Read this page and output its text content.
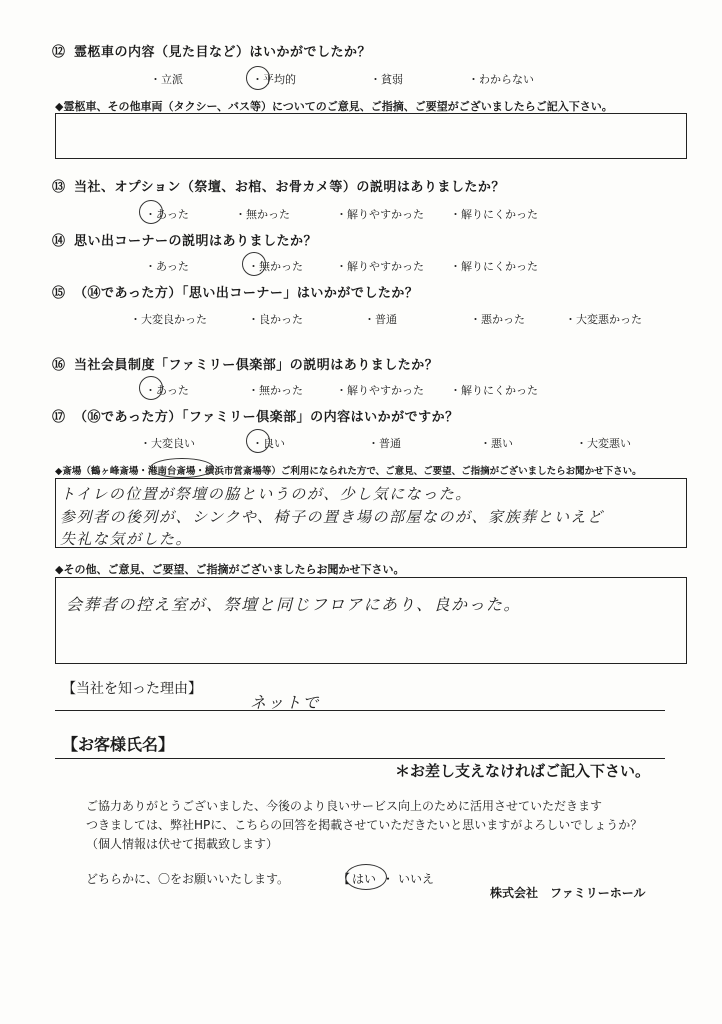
⑫ 霊柩車の内容（見た目など）はいかがでしたか？
・ 立派	・ 平均的	・ 貧弱	・ わからない
◆ 霊柩車、その他車両（タクシー、バス等）についてのご意見、ご指摘、ご要望がございましたらご記入下さい。
⑬ 当社、オプション（祭壇、お棺、お骨カメ等）の説明はありましたか？
・ あった	・ 無かった	・ 解りやすかった	・ 解りにくかった
⑭ 思い出コーナーの説明はありましたか？
・ あった	・ 無かった	・ 解りやすかった	・ 解りにくかった
⑮ （⑭であった方）「思い出コーナー」はいかがでしたか？
・ 大変良かった	・ 良かった	・ 普通	・ 悪かった	・ 大変悪かった
⑯ 当社会員制度「ファミリー倶楽部」の説明はありましたか？
・ あった	・ 無かった	・ 解りやすかった	・ 解りにくかった
⑰ （⑯であった方）「ファミリー倶楽部」の内容はいかがですか？
・ 大変良い	・ 良い	・ 普通	・ 悪い	・ 大変悪い
◆ 斎場（鶴ヶ峰斎場・港南台斎場・横浜市営斎場等）ご利用になられた方で、ご意見、ご要望、ご指摘がございましたらお聞かせ下さい。
トイレの位置が祭壇の脇というのが、少し気になった。
参列者の後列が、シンクや、椅子の置き場の部屋なのが、家族葬といえど
失礼な気がした。
◆ その他、ご意見、ご要望、ご指摘がございましたらお聞かせ下さい。
会葬者の控え室が、祭壇と同じフロアにあり、良かった。
【当社を知った理由】
ネットで
【お客様氏名】
＊お差し支えなければご記入下さい。
ご協力ありがとうございました、今後のより良いサービス向上のために活用させていただきます
つきましては、弊社HPに、こちらの回答を掲載させていただきたいと思いますがよろしいでしょうか？
（個人情報は伏せて掲載致します）
どちらかに、〇をお願いいたします。	【 はい ・ いいえ
株式会社　ファミリーホール
